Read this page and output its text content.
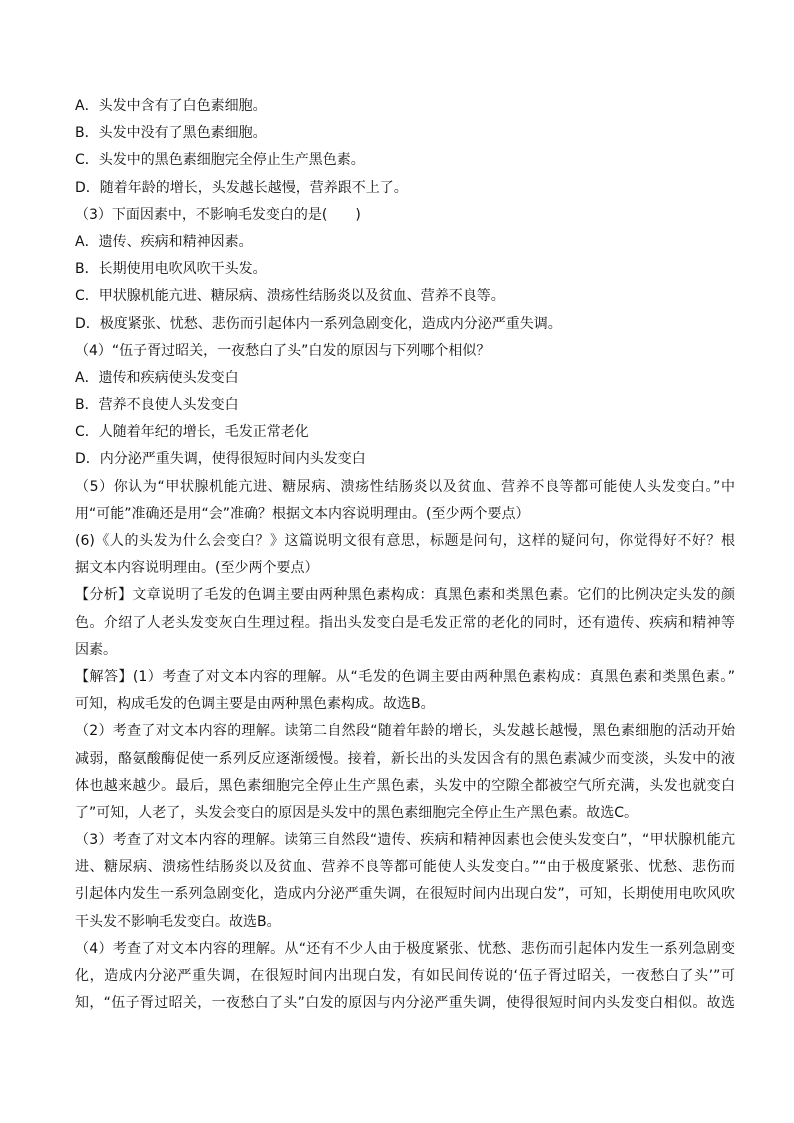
A．头发中含有了白色素细胞。

B．头发中没有了黑色素细胞。

C．头发中的黑色素细胞完全停止生产黑色素。

D．随着年龄的增长，头发越长越慢，营养跟不上了。

（3）下面因素中，不影响毛发变白的是(　　)

A．遗传、疾病和精神因素。

B．长期使用电吹风吹干头发。

C．甲状腺机能亢进、糖尿病、溃疡性结肠炎以及贫血、营养不良等。

D．极度紧张、忧愁、悲伤而引起体内一系列急剧变化，造成内分泌严重失调。

（4）“伍子胥过昭关，一夜愁白了头”白发的原因与下列哪个相似？

A．遗传和疾病使头发变白

B．营养不良使人头发变白

C．人随着年纪的增长，毛发正常老化

D．内分泌严重失调，使得很短时间内头发变白

（5）你认为“甲状腺机能亢进、糖尿病、溃疡性结肠炎以及贫血、营养不良等都可能使人头发变白。”中

用“可能”准确还是用“会”准确？根据文本内容说明理由。(至少两个要点）

(6)《人的头发为什么会变白？》这篇说明文很有意思，标题是问句，这样的疑问句，你觉得好不好？根

据文本内容说明理由。(至少两个要点）

【分析】文章说明了毛发的色调主要由两种黑色素构成：真黑色素和类黑色素。它们的比例决定头发的颜

色。介绍了人老头发变灰白生理过程。指出头发变白是毛发正常的老化的同时，还有遗传、疾病和精神等

因素。

【解答】(1）考查了对文本内容的理解。从“毛发的色调主要由两种黑色素构成：真黑色素和类黑色素。”

可知，构成毛发的色调主要是由两种黑色素构成。故选B。

（2）考查了对文本内容的理解。读第二自然段“随着年龄的增长，头发越长越慢，黑色素细胞的活动开始

减弱，酪氨酸酶促使一系列反应逐渐缓慢。接着，新长出的头发因含有的黑色素减少而变淡，头发中的液

体也越来越少。最后，黑色素细胞完全停止生产黑色素，头发中的空隙全都被空气所充满，头发也就变白

了”可知，人老了，头发会变白的原因是头发中的黑色素细胞完全停止生产黑色素。故选C。

（3）考查了对文本内容的理解。读第三自然段“遗传、疾病和精神因素也会使头发变白”，“甲状腺机能亢

进、糖尿病、溃疡性结肠炎以及贫血、营养不良等都可能使人头发变白。”“由于极度紧张、忧愁、悲伤而

引起体内发生一系列急剧变化，造成内分泌严重失调，在很短时间内出现白发”，可知，长期使用电吹风吹

干头发不影响毛发变白。故选B。

（4）考查了对文本内容的理解。从“还有不少人由于极度紧张、忧愁、悲伤而引起体内发生一系列急剧变

化，造成内分泌严重失调，在很短时间内出现白发，有如民间传说的‘伍子胥过昭关，一夜愁白了头’”可

知，“伍子胥过昭关，一夜愁白了头”白发的原因与内分泌严重失调，使得很短时间内头发变白相似。故选
